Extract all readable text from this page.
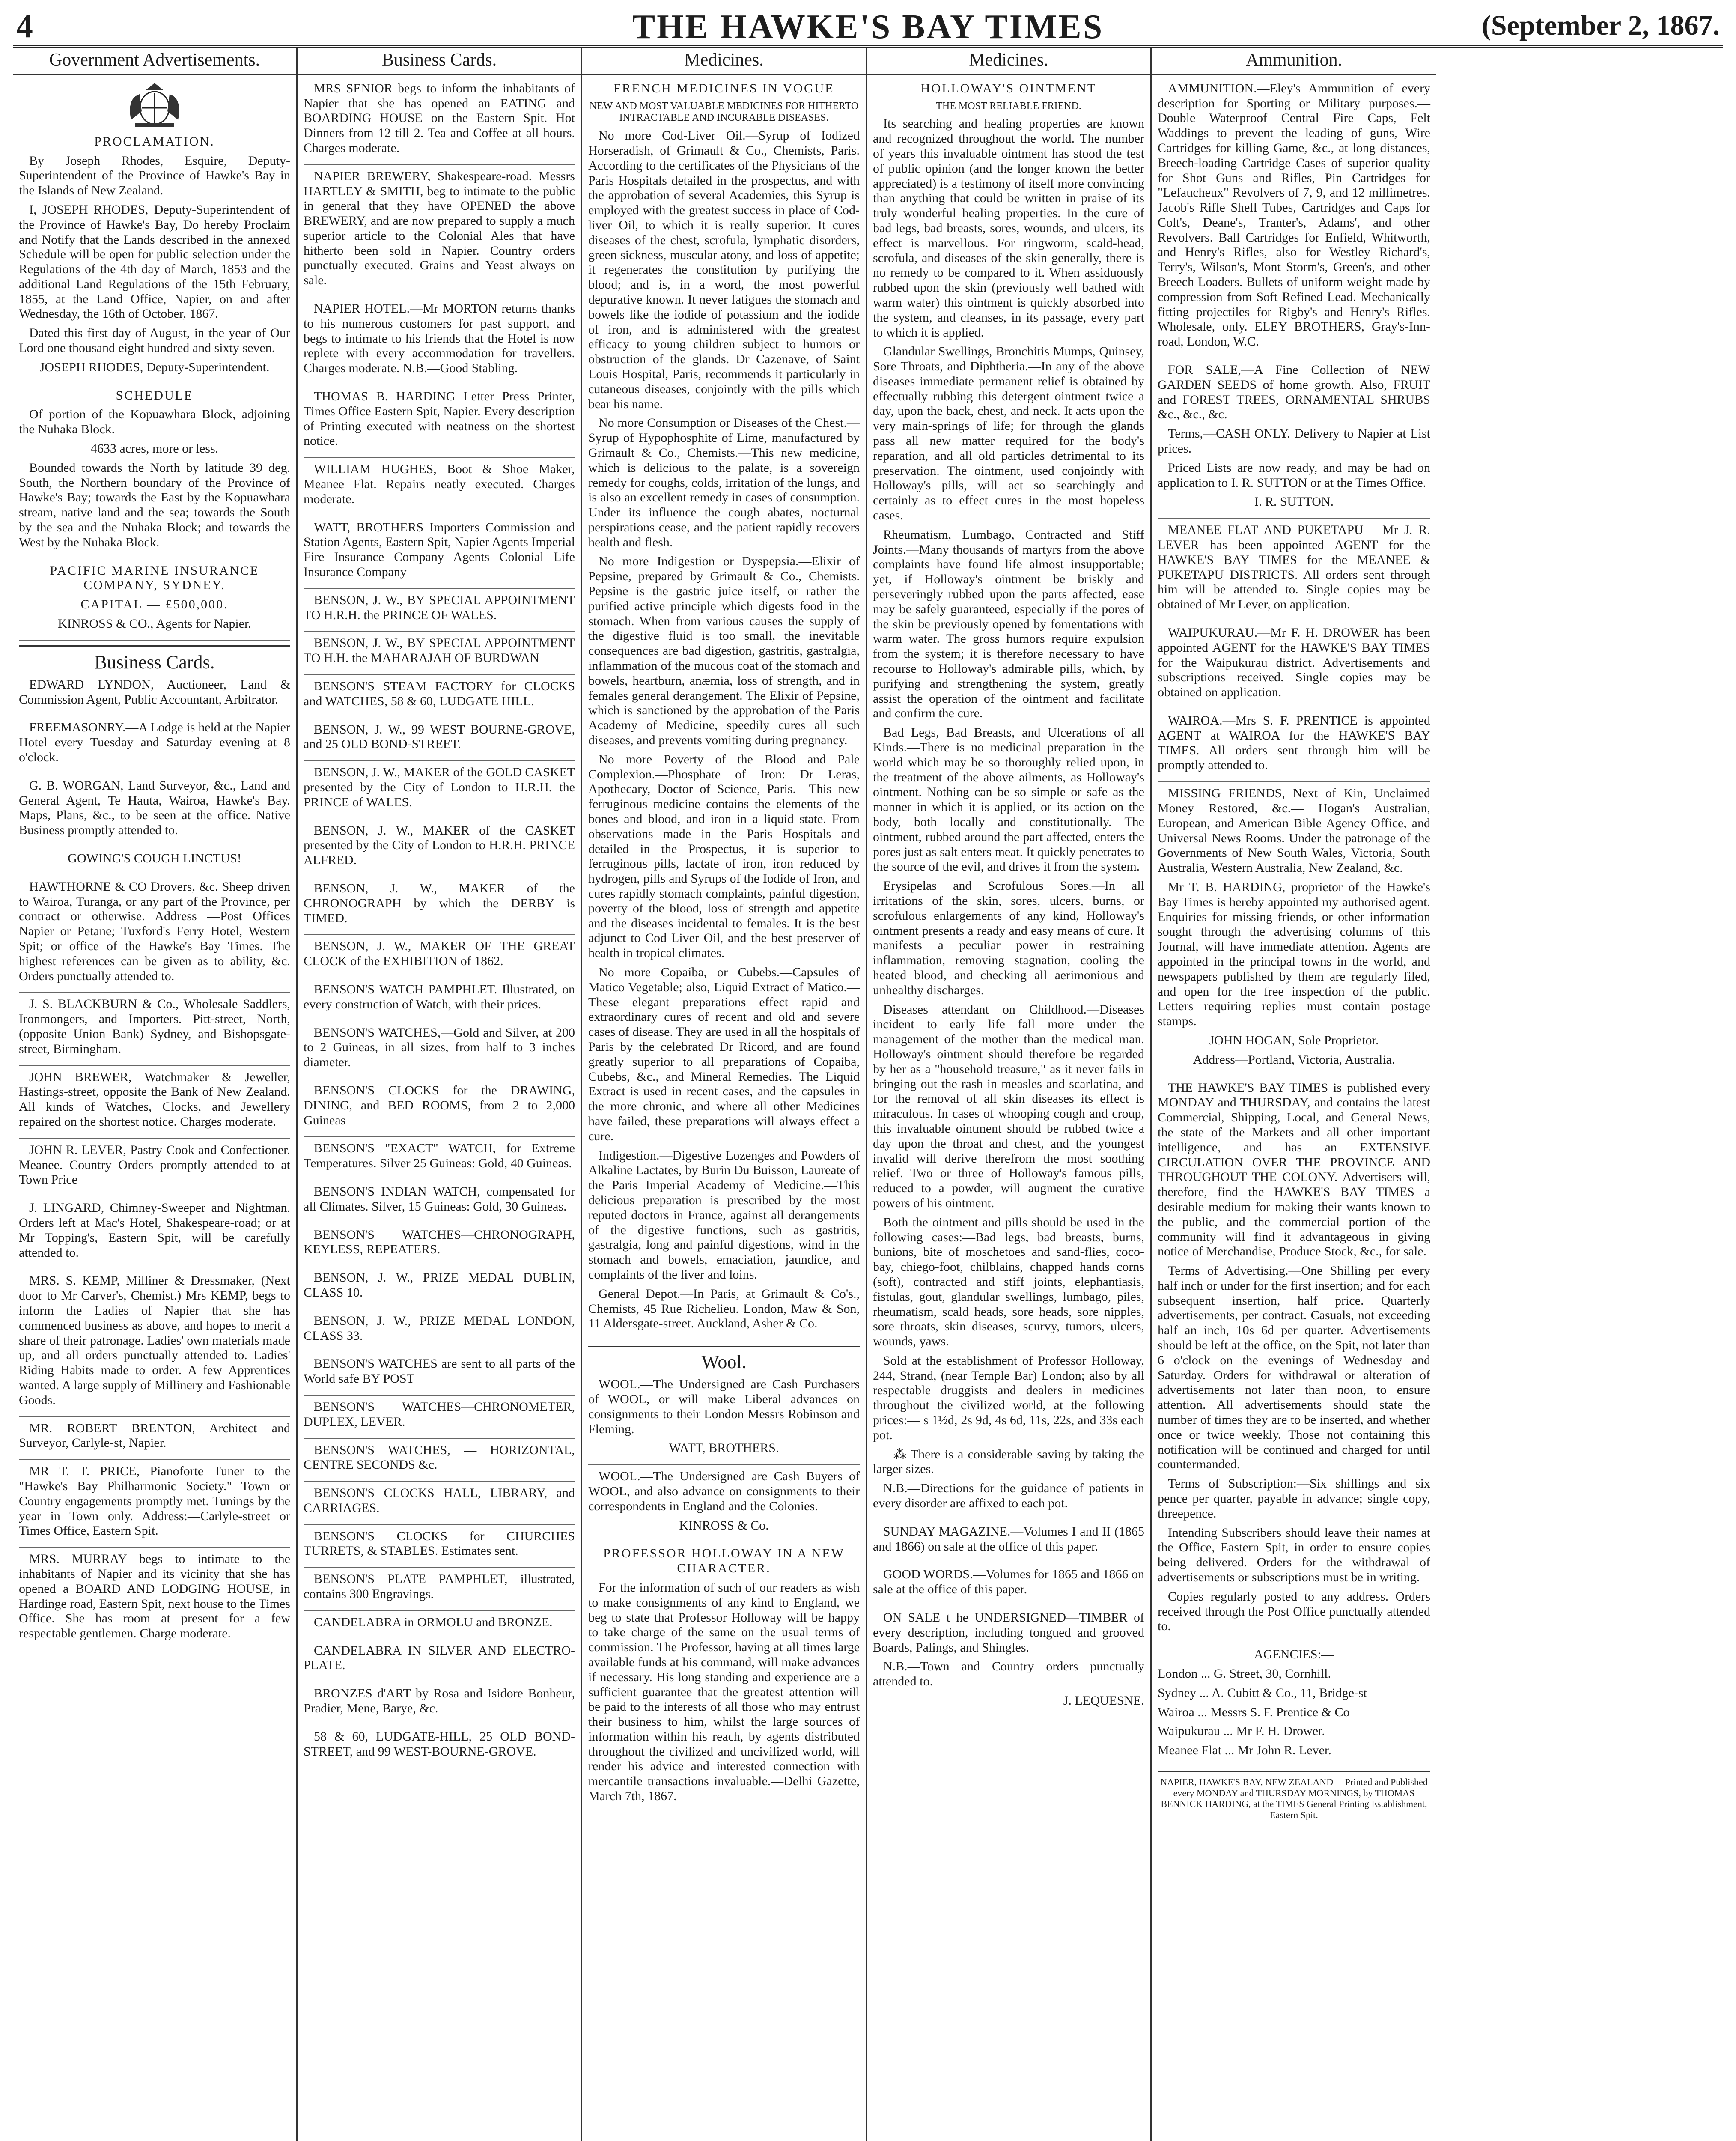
4	THE HAWKE'S BAY TIMES	(September 2, 1867.
Government Advertisements.

PROCLAMATION.

By Joseph Rhodes, Esquire, Deputy-Superintendent of the Province of Hawke's Bay in the Islands of New Zealand.

I, JOSEPH RHODES, Deputy-Superintendent of the Province of Hawke's Bay, Do hereby Proclaim and Notify that the Lands described in the annexed Schedule will be open for public selection under the Regulations of the 4th day of March, 1853 and the additional Land Regulations of the 15th February, 1855, at the Land Office, Napier, on and after Wednesday, the 16th of October, 1867.

Dated this first day of August, in the year of Our Lord one thousand eight hundred and sixty seven.

JOSEPH RHODES, Deputy-Superintendent.

SCHEDULE

Of portion of the Kopuawhara Block, adjoining the Nuhaka Block.

4633 acres, more or less.

Bounded towards the North by latitude 39 deg. South, the Northern boundary of the Province of Hawke's Bay; towards the East by the Kopuawhara stream, native land and the sea; towards the South by the sea and the Nuhaka Block; and towards the West by the Nuhaka Block.

PACIFIC MARINE INSURANCE COMPANY, SYDNEY.

CAPITAL — £500,000.

KINROSS & CO., Agents for Napier.

Business Cards.

EDWARD LYNDON, Auctioneer, Land & Commission Agent, Public Accountant, Arbitrator.

FREEMASONRY.—A Lodge is held at the Napier Hotel every Tuesday and Saturday evening at 8 o'clock.

G. B. WORGAN, Land Surveyor, &c., Land and General Agent, Te Hauta, Wairoa, Hawke's Bay. Maps, Plans, &c., to be seen at the office. Native Business promptly attended to.

GOWING'S COUGH LINCTUS!

HAWTHORNE & CO Drovers, &c. Sheep driven to Wairoa, Turanga, or any part of the Province, per contract or otherwise. Address —Post Offices Napier or Petane; Tuxford's Ferry Hotel, Western Spit; or office of the Hawke's Bay Times. The highest references can be given as to ability, &c. Orders punctually attended to.

J. S. BLACKBURN & Co., Wholesale Saddlers, Ironmongers, and Importers. Pitt-street, North, (opposite Union Bank) Sydney, and Bishopsgate-street, Birmingham.

JOHN BREWER, Watchmaker & Jeweller, Hastings-street, opposite the Bank of New Zealand. All kinds of Watches, Clocks, and Jewellery repaired on the shortest notice. Charges moderate.

JOHN R. LEVER, Pastry Cook and Confectioner. Meanee. Country Orders promptly attended to at Town Price

J. LINGARD, Chimney-Sweeper and Nightman. Orders left at Mac's Hotel, Shakespeare-road; or at Mr Topping's, Eastern Spit, will be carefully attended to.

MRS. S. KEMP, Milliner & Dressmaker, (Next door to Mr Carver's, Chemist.) Mrs KEMP, begs to inform the Ladies of Napier that she has commenced business as above, and hopes to merit a share of their patronage. Ladies' own materials made up, and all orders punctually attended to. Ladies' Riding Habits made to order. A few Apprentices wanted. A large supply of Millinery and Fashionable Goods.

MR. ROBERT BRENTON, Architect and Surveyor, Carlyle-st, Napier.

MR T. T. PRICE, Pianoforte Tuner to the "Hawke's Bay Philharmonic Society." Town or Country engagements promptly met. Tunings by the year in Town only. Address:—Carlyle-street or Times Office, Eastern Spit.

MRS. MURRAY begs to intimate to the inhabitants of Napier and its vicinity that she has opened a BOARD AND LODGING HOUSE, in Hardinge road, Eastern Spit, next house to the Times Office. She has room at present for a few respectable gentlemen. Charge moderate.

Business Cards.

MRS SENIOR begs to inform the inhabitants of Napier that she has opened an EATING and BOARDING HOUSE on the Eastern Spit. Hot Dinners from 12 till 2. Tea and Coffee at all hours. Charges moderate.

NAPIER BREWERY, Shakespeare-road. Messrs HARTLEY & SMITH, beg to intimate to the public in general that they have OPENED the above BREWERY, and are now prepared to supply a much superior article to the Colonial Ales that have hitherto been sold in Napier. Country orders punctually executed. Grains and Yeast always on sale.

NAPIER HOTEL.—Mr MORTON returns thanks to his numerous customers for past support, and begs to intimate to his friends that the Hotel is now replete with every accommodation for travellers. Charges moderate. N.B.—Good Stabling.

THOMAS B. HARDING Letter Press Printer, Times Office Eastern Spit, Napier. Every description of Printing executed with neatness on the shortest notice.

WILLIAM HUGHES, Boot & Shoe Maker, Meanee Flat. Repairs neatly executed. Charges moderate.

WATT, BROTHERS Importers Commission and Station Agents, Eastern Spit, Napier Agents Imperial Fire Insurance Company Agents Colonial Life Insurance Company

BENSON, J. W., BY SPECIAL APPOINTMENT TO H.R.H. the PRINCE OF WALES.

BENSON, J. W., BY SPECIAL APPOINTMENT TO H.H. the MAHARAJAH OF BURDWAN

BENSON'S STEAM FACTORY for CLOCKS and WATCHES, 58 & 60, LUDGATE HILL.

BENSON, J. W., 99 WEST BOURNE-GROVE, and 25 OLD BOND-STREET.

BENSON, J. W., MAKER of the GOLD CASKET presented by the City of London to H.R.H. the PRINCE of WALES.

BENSON, J. W., MAKER of the CASKET presented by the City of London to H.R.H. PRINCE ALFRED.

BENSON, J. W., MAKER of the CHRONOGRAPH by which the DERBY is TIMED.

BENSON, J. W., MAKER OF THE GREAT CLOCK of the EXHIBITION of 1862.

BENSON'S WATCH PAMPHLET. Illustrated, on every construction of Watch, with their prices.

BENSON'S WATCHES,—Gold and Silver, at 200 to 2 Guineas, in all sizes, from half to 3 inches diameter.

BENSON'S CLOCKS for the DRAWING, DINING, and BED ROOMS, from 2 to 2,000 Guineas

BENSON'S "EXACT" WATCH, for Extreme Temperatures. Silver 25 Guineas: Gold, 40 Guineas.

BENSON'S INDIAN WATCH, compensated for all Climates. Silver, 15 Guineas: Gold, 30 Guineas.

BENSON'S WATCHES—CHRONOGRAPH, KEYLESS, REPEATERS.

BENSON, J. W., PRIZE MEDAL DUBLIN, CLASS 10.

BENSON, J. W., PRIZE MEDAL LONDON, CLASS 33.

BENSON'S WATCHES are sent to all parts of the World safe BY POST

BENSON'S WATCHES—CHRONOMETER, DUPLEX, LEVER.

BENSON'S WATCHES, — HORIZONTAL, CENTRE SECONDS &c.

BENSON'S CLOCKS HALL, LIBRARY, and CARRIAGES.

BENSON'S CLOCKS for CHURCHES TURRETS, & STABLES. Estimates sent.

BENSON'S PLATE PAMPHLET, illustrated, contains 300 Engravings.

CANDELABRA in ORMOLU and BRONZE.

CANDELABRA IN SILVER AND ELECTRO-PLATE.

BRONZES d'ART by Rosa and Isidore Bonheur, Pradier, Mene, Barye, &c.

58 & 60, LUDGATE-HILL, 25 OLD BOND-STREET, and 99 WEST-BOURNE-GROVE.

Medicines.

FRENCH MEDICINES IN VOGUE

NEW AND MOST VALUABLE MEDICINES FOR HITHERTO INTRACTABLE AND INCURABLE DISEASES.

No more Cod-Liver Oil.—Syrup of Iodized Horseradish, of Grimault & Co., Chemists, Paris. According to the certificates of the Physicians of the Paris Hospitals detailed in the prospectus, and with the approbation of several Academies, this Syrup is employed with the greatest success in place of Cod-liver Oil, to which it is really superior. It cures diseases of the chest, scrofula, lymphatic disorders, green sickness, muscular atony, and loss of appetite; it regenerates the constitution by purifying the blood; and is, in a word, the most powerful depurative known. It never fatigues the stomach and bowels like the iodide of potassium and the iodide of iron, and is administered with the greatest efficacy to young children subject to humors or obstruction of the glands. Dr Cazenave, of Saint Louis Hospital, Paris, recommends it particularly in cutaneous diseases, conjointly with the pills which bear his name.

No more Consumption or Diseases of the Chest.—Syrup of Hypophosphite of Lime, manufactured by Grimault & Co., Chemists.—This new medicine, which is delicious to the palate, is a sovereign remedy for coughs, colds, irritation of the lungs, and is also an excellent remedy in cases of consumption. Under its influence the cough abates, nocturnal perspirations cease, and the patient rapidly recovers health and flesh.

No more Indigestion or Dyspepsia.—Elixir of Pepsine, prepared by Grimault & Co., Chemists. Pepsine is the gastric juice itself, or rather the purified active principle which digests food in the stomach. When from various causes the supply of the digestive fluid is too small, the inevitable consequences are bad digestion, gastritis, gastralgia, inflammation of the mucous coat of the stomach and bowels, heartburn, anæmia, loss of strength, and in females general derangement. The Elixir of Pepsine, which is sanctioned by the approbation of the Paris Academy of Medicine, speedily cures all such diseases, and prevents vomiting during pregnancy.

No more Poverty of the Blood and Pale Complexion.—Phosphate of Iron: Dr Leras, Apothecary, Doctor of Science, Paris.—This new ferruginous medicine contains the elements of the bones and blood, and iron in a liquid state. From observations made in the Paris Hospitals and detailed in the Prospectus, it is superior to ferruginous pills, lactate of iron, iron reduced by hydrogen, pills and Syrups of the Iodide of Iron, and cures rapidly stomach complaints, painful digestion, poverty of the blood, loss of strength and appetite and the diseases incidental to females. It is the best adjunct to Cod Liver Oil, and the best preserver of health in tropical climates.

No more Copaiba, or Cubebs.—Capsules of Matico Vegetable; also, Liquid Extract of Matico.—These elegant preparations effect rapid and extraordinary cures of recent and old and severe cases of disease. They are used in all the hospitals of Paris by the celebrated Dr Ricord, and are found greatly superior to all preparations of Copaiba, Cubebs, &c., and Mineral Remedies. The Liquid Extract is used in recent cases, and the capsules in the more chronic, and where all other Medicines have failed, these preparations will always effect a cure.

Indigestion.—Digestive Lozenges and Powders of Alkaline Lactates, by Burin Du Buisson, Laureate of the Paris Imperial Academy of Medicine.—This delicious preparation is prescribed by the most reputed doctors in France, against all derangements of the digestive functions, such as gastritis, gastralgia, long and painful digestions, wind in the stomach and bowels, emaciation, jaundice, and complaints of the liver and loins.

General Depot.—In Paris, at Grimault & Co's., Chemists, 45 Rue Richelieu. London, Maw & Son, 11 Aldersgate-street. Auckland, Asher & Co.

Wool.

WOOL.—The Undersigned are Cash Purchasers of WOOL, or will make Liberal advances on consignments to their London Messrs Robinson and Fleming.

WATT, BROTHERS.

WOOL.—The Undersigned are Cash Buyers of WOOL, and also advance on consignments to their correspondents in England and the Colonies.

KINROSS & Co.

PROFESSOR HOLLOWAY IN A NEW CHARACTER.

For the information of such of our readers as wish to make consignments of any kind to England, we beg to state that Professor Holloway will be happy to take charge of the same on the usual terms of commission. The Professor, having at all times large available funds at his command, will make advances if necessary. His long standing and experience are a sufficient guarantee that the greatest attention will be paid to the interests of all those who may entrust their business to him, whilst the large sources of information within his reach, by agents distributed throughout the civilized and uncivilized world, will render his advice and interested connection with mercantile transactions invaluable.—Delhi Gazette, March 7th, 1867.

Medicines.

HOLLOWAY'S OINTMENT

THE MOST RELIABLE FRIEND.

Its searching and healing properties are known and recognized throughout the world. The number of years this invaluable ointment has stood the test of public opinion (and the longer known the better appreciated) is a testimony of itself more convincing than anything that could be written in praise of its truly wonderful healing properties. In the cure of bad legs, bad breasts, sores, wounds, and ulcers, its effect is marvellous. For ringworm, scald-head, scrofula, and diseases of the skin generally, there is no remedy to be compared to it. When assiduously rubbed upon the skin (previously well bathed with warm water) this ointment is quickly absorbed into the system, and cleanses, in its passage, every part to which it is applied.

Glandular Swellings, Bronchitis Mumps, Quinsey, Sore Throats, and Diphtheria.—In any of the above diseases immediate permanent relief is obtained by effectually rubbing this detergent ointment twice a day, upon the back, chest, and neck. It acts upon the very main-springs of life; for through the glands pass all new matter required for the body's reparation, and all old particles detrimental to its preservation. The ointment, used conjointly with Holloway's pills, will act so searchingly and certainly as to effect cures in the most hopeless cases.

Rheumatism, Lumbago, Contracted and Stiff Joints.—Many thousands of martyrs from the above complaints have found life almost insupportable; yet, if Holloway's ointment be briskly and perseveringly rubbed upon the parts affected, ease may be safely guaranteed, especially if the pores of the skin be previously opened by fomentations with warm water. The gross humors require expulsion from the system; it is therefore necessary to have recourse to Holloway's admirable pills, which, by purifying and strengthening the system, greatly assist the operation of the ointment and facilitate and confirm the cure.

Bad Legs, Bad Breasts, and Ulcerations of all Kinds.—There is no medicinal preparation in the world which may be so thoroughly relied upon, in the treatment of the above ailments, as Holloway's ointment. Nothing can be so simple or safe as the manner in which it is applied, or its action on the body, both locally and constitutionally. The ointment, rubbed around the part affected, enters the pores just as salt enters meat. It quickly penetrates to the source of the evil, and drives it from the system.

Erysipelas and Scrofulous Sores.—In all irritations of the skin, sores, ulcers, burns, or scrofulous enlargements of any kind, Holloway's ointment presents a ready and easy means of cure. It manifests a peculiar power in restraining inflammation, removing stagnation, cooling the heated blood, and checking all aerimonious and unhealthy discharges.

Diseases attendant on Childhood.—Diseases incident to early life fall more under the management of the mother than the medical man. Holloway's ointment should therefore be regarded by her as a "household treasure," as it never fails in bringing out the rash in measles and scarlatina, and for the removal of all skin diseases its effect is miraculous. In cases of whooping cough and croup, this invaluable ointment should be rubbed twice a day upon the throat and chest, and the youngest invalid will derive therefrom the most soothing relief. Two or three of Holloway's famous pills, reduced to a powder, will augment the curative powers of his ointment.

Both the ointment and pills should be used in the following cases:—Bad legs, bad breasts, burns, bunions, bite of moschetoes and sand-flies, coco-bay, chiego-foot, chilblains, chapped hands corns (soft), contracted and stiff joints, elephantiasis, fistulas, gout, glandular swellings, lumbago, piles, rheumatism, scald heads, sore heads, sore nipples, sore throats, skin diseases, scurvy, tumors, ulcers, wounds, yaws.

Sold at the establishment of Professor Holloway, 244, Strand, (near Temple Bar) London; also by all respectable druggists and dealers in medicines throughout the civilized world, at the following prices:— s 1½d, 2s 9d, 4s 6d, 11s, 22s, and 33s each pot.

⁂ There is a considerable saving by taking the larger sizes.

N.B.—Directions for the guidance of patients in every disorder are affixed to each pot.

SUNDAY MAGAZINE.—Volumes I and II (1865 and 1866) on sale at the office of this paper.

GOOD WORDS.—Volumes for 1865 and 1866 on sale at the office of this paper.

ON SALE t he UNDERSIGNED—TIMBER of every description, including tongued and grooved Boards, Palings, and Shingles.

N.B.—Town and Country orders punctually attended to.

J. LEQUESNE.

Ammunition.

AMMUNITION.—Eley's Ammunition of every description for Sporting or Military purposes.—Double Waterproof Central Fire Caps, Felt Waddings to prevent the leading of guns, Wire Cartridges for killing Game, &c., at long distances, Breech-loading Cartridge Cases of superior quality for Shot Guns and Rifles, Pin Cartridges for "Lefaucheux" Revolvers of 7, 9, and 12 millimetres. Jacob's Rifle Shell Tubes, Cartridges and Caps for Colt's, Deane's, Tranter's, Adams', and other Revolvers. Ball Cartridges for Enfield, Whitworth, and Henry's Rifles, also for Westley Richard's, Terry's, Wilson's, Mont Storm's, Green's, and other Breech Loaders. Bullets of uniform weight made by compression from Soft Refined Lead. Mechanically fitting projectiles for Rigby's and Henry's Rifles. Wholesale, only. ELEY BROTHERS, Gray's-Inn-road, London, W.C.

FOR SALE,—A Fine Collection of NEW GARDEN SEEDS of home growth. Also, FRUIT and FOREST TREES, ORNAMENTAL SHRUBS &c., &c., &c.

Terms,—CASH ONLY. Delivery to Napier at List prices.

Priced Lists are now ready, and may be had on application to I. R. SUTTON or at the Times Office.

I. R. SUTTON.

MEANEE FLAT AND PUKETAPU —Mr J. R. LEVER has been appointed AGENT for the HAWKE'S BAY TIMES for the MEANEE & PUKETAPU DISTRICTS. All orders sent through him will be attended to. Single copies may be obtained of Mr Lever, on application.

WAIPUKURAU.—Mr F. H. DROWER has been appointed AGENT for the HAWKE'S BAY TIMES for the Waipukurau district. Advertisements and subscriptions received. Single copies may be obtained on application.

WAIROA.—Mrs S. F. PRENTICE is appointed AGENT at WAIROA for the HAWKE'S BAY TIMES. All orders sent through him will be promptly attended to.

MISSING FRIENDS, Next of Kin, Unclaimed Money Restored, &c.— Hogan's Australian, European, and American Bible Agency Office, and Universal News Rooms. Under the patronage of the Governments of New South Wales, Victoria, South Australia, Western Australia, New Zealand, &c.

Mr T. B. HARDING, proprietor of the Hawke's Bay Times is hereby appointed my authorised agent. Enquiries for missing friends, or other information sought through the advertising columns of this Journal, will have immediate attention. Agents are appointed in the principal towns in the world, and newspapers published by them are regularly filed, and open for the free inspection of the public. Letters requiring replies must contain postage stamps.

JOHN HOGAN, Sole Proprietor.

Address—Portland, Victoria, Australia.

THE HAWKE'S BAY TIMES is published every MONDAY and THURSDAY, and contains the latest Commercial, Shipping, Local, and General News, the state of the Markets and all other important intelligence, and has an EXTENSIVE CIRCULATION OVER THE PROVINCE AND THROUGHOUT THE COLONY. Advertisers will, therefore, find the HAWKE'S BAY TIMES a desirable medium for making their wants known to the public, and the commercial portion of the community will find it advantageous in giving notice of Merchandise, Produce Stock, &c., for sale.

Terms of Advertising.—One Shilling per every half inch or under for the first insertion; and for each subsequent insertion, half price. Quarterly advertisements, per contract. Casuals, not exceeding half an inch, 10s 6d per quarter. Advertisements should be left at the office, on the Spit, not later than 6 o'clock on the evenings of Wednesday and Saturday. Orders for withdrawal or alteration of advertisements not later than noon, to ensure attention. All advertisements should state the number of times they are to be inserted, and whether once or twice weekly. Those not containing this notification will be continued and charged for until countermanded.

Terms of Subscription:—Six shillings and six pence per quarter, payable in advance; single copy, threepence.

Intending Subscribers should leave their names at the Office, Eastern Spit, in order to ensure copies being delivered. Orders for the withdrawal of advertisements or subscriptions must be in writing.

Copies regularly posted to any address. Orders received through the Post Office punctually attended to.

AGENCIES:—

London ... G. Street, 30, Cornhill.

Sydney ... A. Cubitt & Co., 11, Bridge-st

Wairoa ... Messrs S. F. Prentice & Co

Waipukurau ... Mr F. H. Drower.

Meanee Flat ... Mr John R. Lever.

NAPIER, HAWKE'S BAY, NEW ZEALAND— Printed and Published every MONDAY and THURSDAY MORNINGS, by THOMAS BENNICK HARDING, at the TIMES General Printing Establishment, Eastern Spit.
